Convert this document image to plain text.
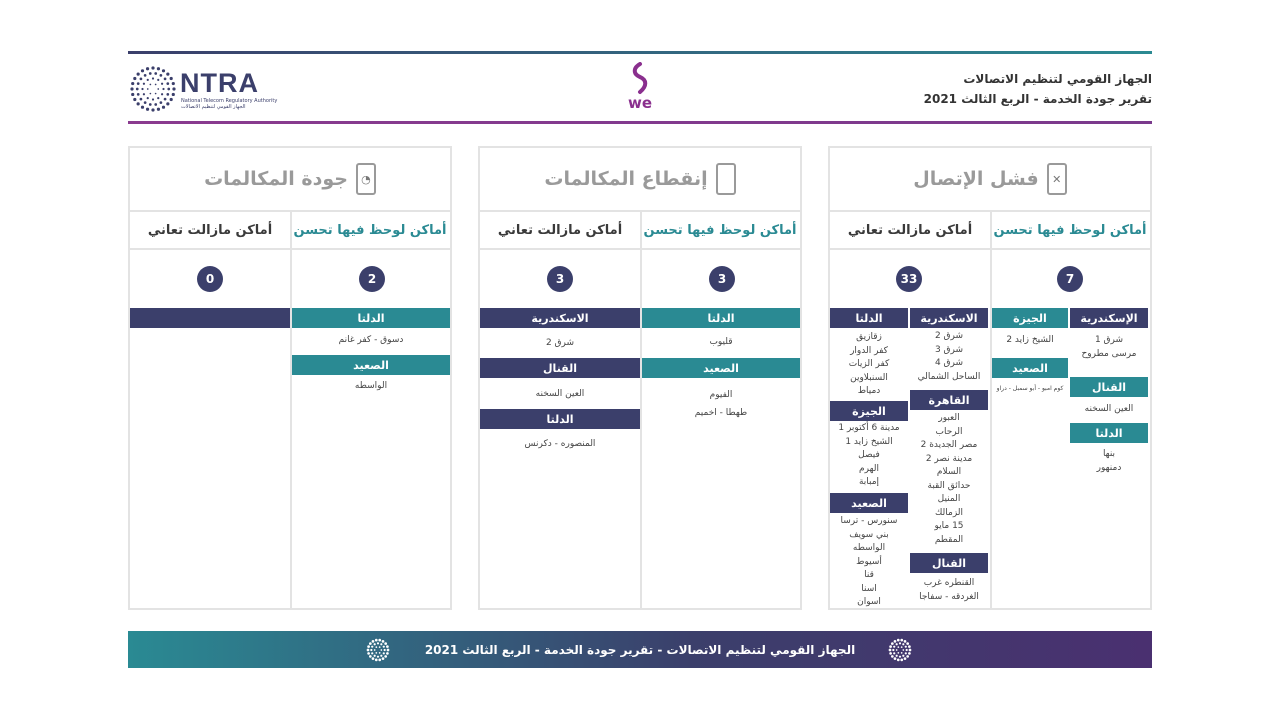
NTRA
National Telecom Regulatory Authority
الجهاز القومي لتنظيم الاتصالات	we
الجهاز القومي لتنظيم الاتصالات
تقرير جودة الخدمة - الربع الثالث 2021
✕
فشل الإتصال
أماكن لوحظ فيها تحسن
أماكن مازالت تعاني
7
33
الإسكندرية
شرق 1
مرسى مطروح
القنال
العين السخنه
الدلتا
بنها
دمنهور
الجيزة
الشيخ زايد 2
الصعيد
كوم امبو - أبو سمبل - دراو
الاسكندرية
شرق 2
شرق 3
شرق 4
الساحل الشمالي
القاهرة
العبور
الرحاب
مصر الجديدة 2
مدينة نصر 2
السلام
حدائق القبة
المنيل
الزمالك
15 مايو
المقطم
القنال
القنطره غرب
الغردقه - سفاجا
الدلتا
زقازيق
كفر الدوار
كفر الزيات
السنبلاوين
دمياط
الجيزة
مدينة 6 أكتوبر 1
الشيخ زايد 1
فيصل
الهرم
إمبابة
الصعيد
سنورس - ترسا
بني سويف
الواسطه
أسيوط
قنا
اسنا
اسوان
إنقطاع المكالمات
أماكن لوحظ فيها تحسن
أماكن مازالت تعاني
3
3
الدلتا
قليوب
الصعيد
الفيوم
طهطا - اخميم
الاسكندرية
شرق 2
القنال
العين السخنه
الدلتا
المنصوره - دكرنس
◔
جودة المكالمات
أماكن لوحظ فيها تحسن
أماكن مازالت تعاني
2
0
الدلتا
دسوق - كفر غانم
الصعيد
الواسطه
الجهاز القومي لتنظيم الاتصالات - تقرير جودة الخدمة - الربع الثالث 2021
